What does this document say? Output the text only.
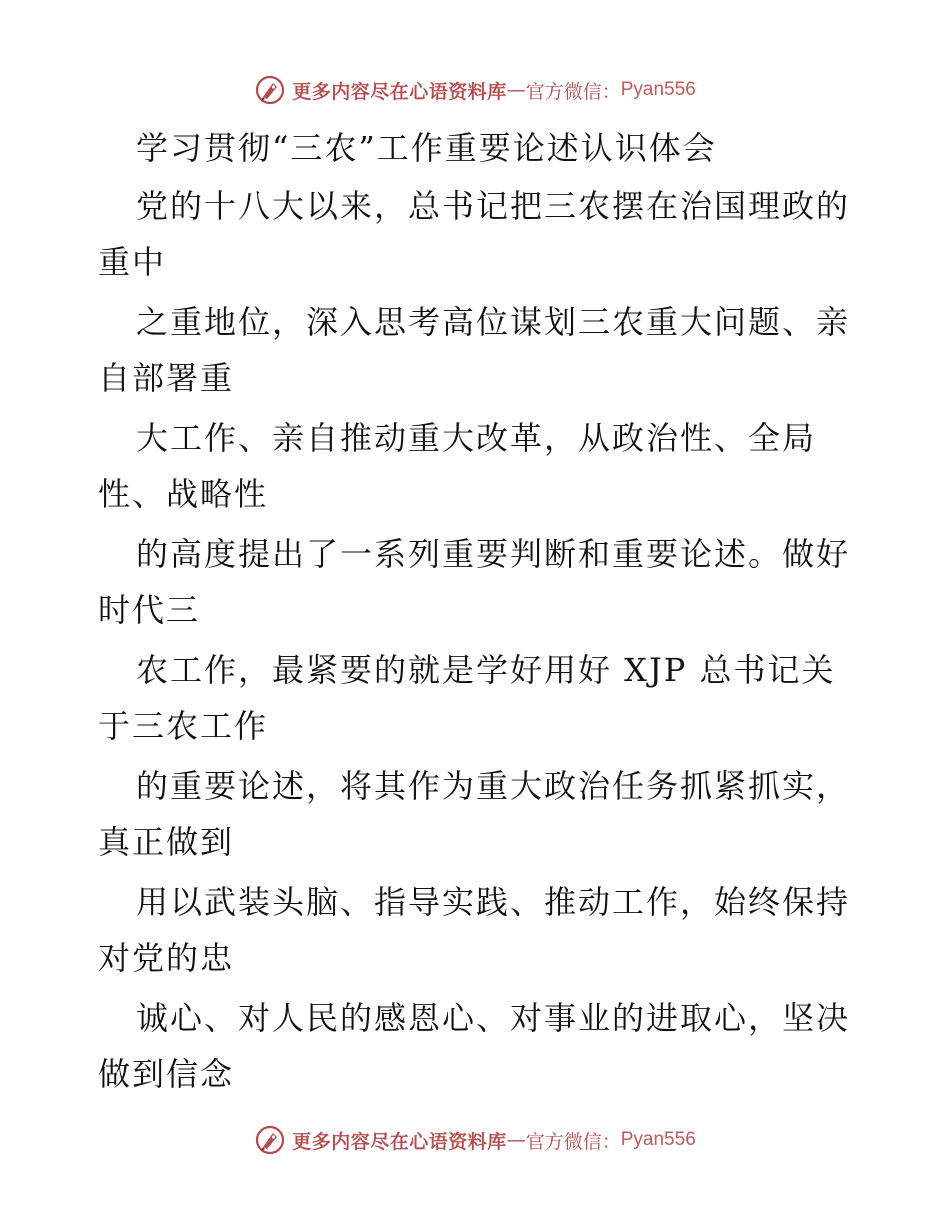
更多内容尽在心语资料库 — 官方微信： Pyan556
学习贯彻“三农”工作重要论述认识体会
党的十八大以来，总书记把三农摆在治国理政的
重中
之重地位，深入思考高位谋划三农重大问题、亲
自部署重
大工作、亲自推动重大改革，从政治性、全局
性、战略性
的高度提出了一系列重要判断和重要论述。做好
时代三
农工作，最紧要的就是学好用好 XJP 总书记关
于三农工作
的重要论述，将其作为重大政治任务抓紧抓实，
真正做到
用以武装头脑、指导实践、推动工作，始终保持
对党的忠
诚心、对人民的感恩心、对事业的进取心，坚决
做到信念
更多内容尽在心语资料库 — 官方微信： Pyan556
